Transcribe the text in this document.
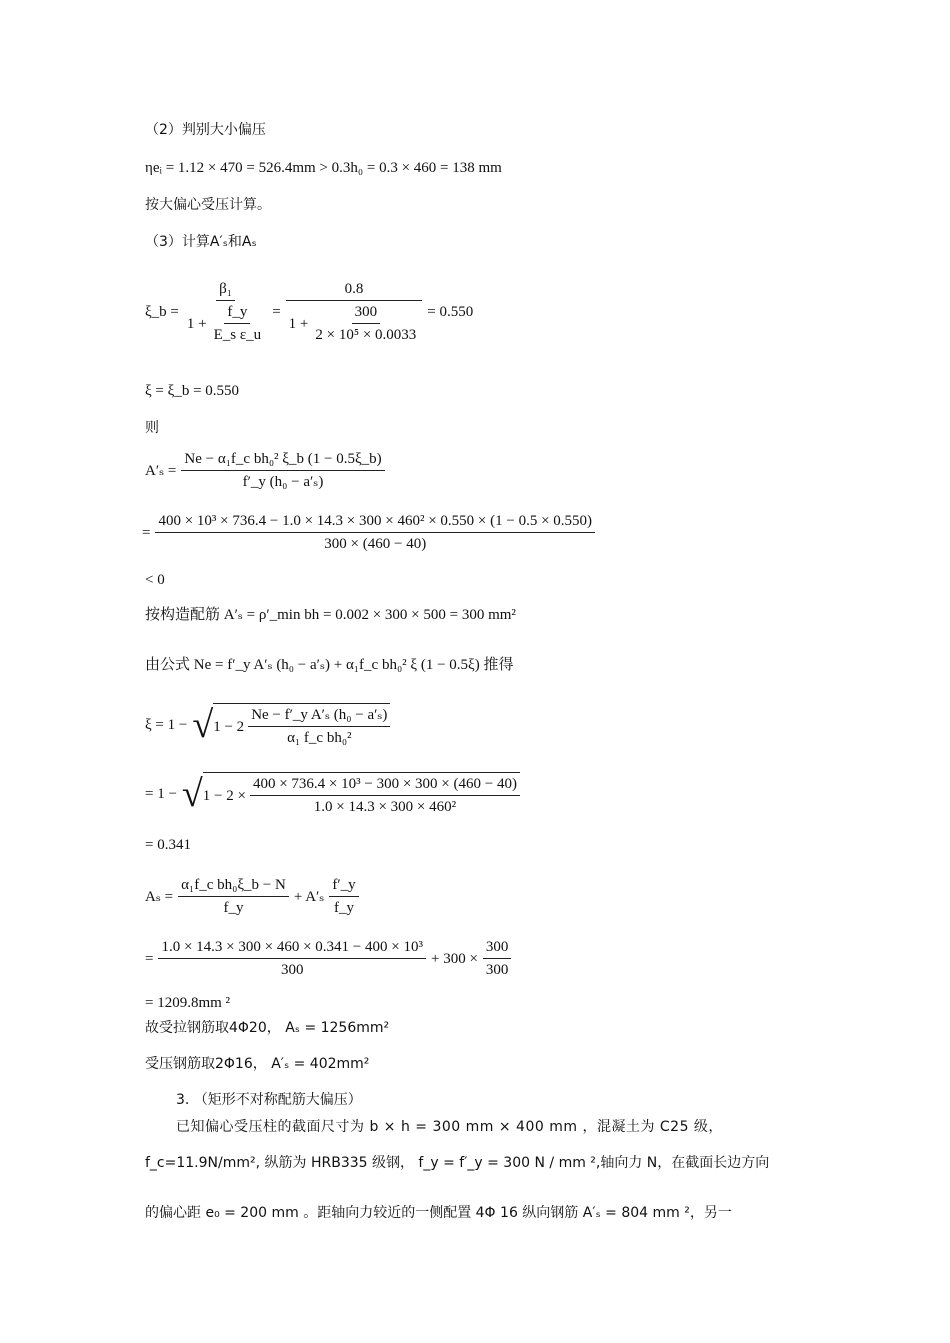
（2）判别大小偏压
ηeᵢ = 1.12 × 470 = 526.4mm > 0.3h₀ = 0.3 × 460 = 138 mm
按大偏心受压计算。
（3）计算A′ₛ和Aₛ
ξ_b = $\frac{\text{β₁}}{1 + \frac{f\_y}{\text{E\_s ε\_u}}} = \frac{0.8}{1 + \frac{300}{\text{2 × 10⁵ × 0.0033}}} = 0.550$
ξ = ξ_b = 0.550
则
$A'_s = \frac{\text{Ne − α₁f\_c bh₀² ξ\_b (1 − 0.5ξ\_b)}}{\text{f′\_y (h₀ − a′ₛ)}}$
=
400 × 10³ × 736.4 − 1.0 × 14.3 × 300 × 460² × 0.550 × (1 − 0.5 × 0.550)
300 × (460 − 40)
< 0
按构造配筋 A′ₛ = ρ′_min bh = 0.002 × 300 × 500 = 300 mm²
由公式 Ne = f′_y A′ₛ (h₀ − a′ₛ) + α₁f_c bh₀² ξ (1 − 0.5ξ) 推得
ξ = 1 − √ $1 - 2 \frac{\text{Ne − f′\_y A′ₛ (h₀ − a′ₛ)}}{\text{α₁ f\_c bh₀²}}$
= 1 − √ $1 - 2 \times \frac{\text{400 × 736.4 × 10³ − 300 × 300 × (460 − 40)}}{\text{1.0 × 14.3 × 300 × 460²}}$
= 0.341
$A_s = \frac{\text{α₁f\_c bh₀ξ\_b − N}}{f\_y} + A'_s \frac{f'\_y}{f\_y}$
= $\frac{\text{1.0 × 14.3 × 300 × 460 × 0.341 − 400 × 10³}}{300} + 300 \times \frac{300}{300}$
= 1209.8mm ²
故受拉钢筋取4Φ20， Aₛ = 1256mm²
受压钢筋取2Φ16， A′ₛ = 402mm²
3. （矩形不对称配筋大偏压）
已知偏心受压柱的截面尺寸为 b × h = 300 mm × 400 mm ，混凝土为 C25 级，
f_c=11.9N/mm², 纵筋为 HRB335 级钢， f_y = f′_y = 300 N / mm ²,轴向力 N，在截面长边方向
的偏心距 e₀ = 200 mm 。距轴向力较近的一侧配置 4Φ 16 纵向钢筋 A′ₛ = 804 mm ²，另一
